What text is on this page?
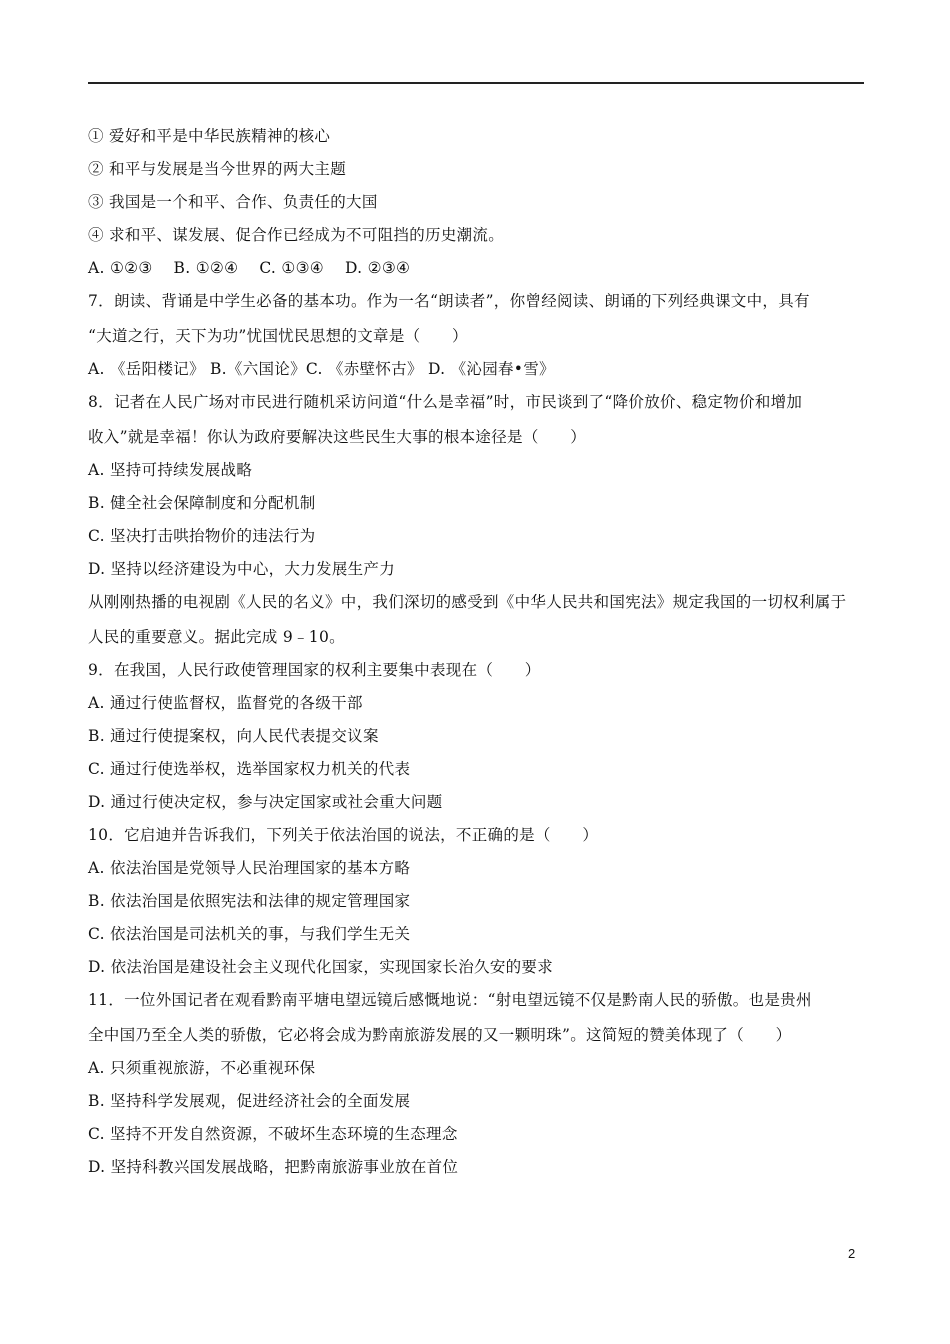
① 爱好和平是中华民族精神的核心
② 和平与发展是当今世界的两大主题
③ 我国是一个和平、合作、负责任的大国
④ 求和平、谋发展、促合作已经成为不可阻挡的历史潮流。
A. ①②③　 B. ①②④　 C. ①③④　 D. ②③④
7．朗读、背诵是中学生必备的基本功。作为一名“朗读者”，你曾经阅读、朗诵的下列经典课文中，具有
“大道之行，天下为功”忧国忧民思想的文章是（　　）
A. 《岳阳楼记》 B.《六国论》C. 《赤壁怀古》 D. 《沁园春•雪》
8．记者在人民广场对市民进行随机采访问道“什么是幸福”时，市民谈到了“降价放价、稳定物价和增加
收入”就是幸福！你认为政府要解决这些民生大事的根本途径是（　　）
A. 坚持可持续发展战略
B. 健全社会保障制度和分配机制
C. 坚决打击哄抬物价的违法行为
D. 坚持以经济建设为中心，大力发展生产力
从刚刚热播的电视剧《人民的名义》中，我们深切的感受到《中华人民共和国宪法》规定我国的一切权利属于
人民的重要意义。据此完成 9﹣10。
9．在我国，人民行政使管理国家的权利主要集中表现在（　　）
A. 通过行使监督权，监督党的各级干部
B. 通过行使提案权，向人民代表提交议案
C. 通过行使选举权，选举国家权力机关的代表
D. 通过行使决定权，参与决定国家或社会重大问题
10．它启迪并告诉我们，下列关于依法治国的说法，不正确的是（　　）
A. 依法治国是党领导人民治理国家的基本方略
B. 依法治国是依照宪法和法律的规定管理国家
C. 依法治国是司法机关的事，与我们学生无关
D. 依法治国是建设社会主义现代化国家，实现国家长治久安的要求
11．一位外国记者在观看黔南平塘电望远镜后感慨地说：“射电望远镜不仅是黔南人民的骄傲。也是贵州
全中国乃至全人类的骄傲，它必将会成为黔南旅游发展的又一颗明珠”。这简短的赞美体现了（　　）
A. 只须重视旅游，不必重视环保
B. 坚持科学发展观，促进经济社会的全面发展
C. 坚持不开发自然资源，不破坏生态环境的生态理念
D. 坚持科教兴国发展战略，把黔南旅游事业放在首位
2
